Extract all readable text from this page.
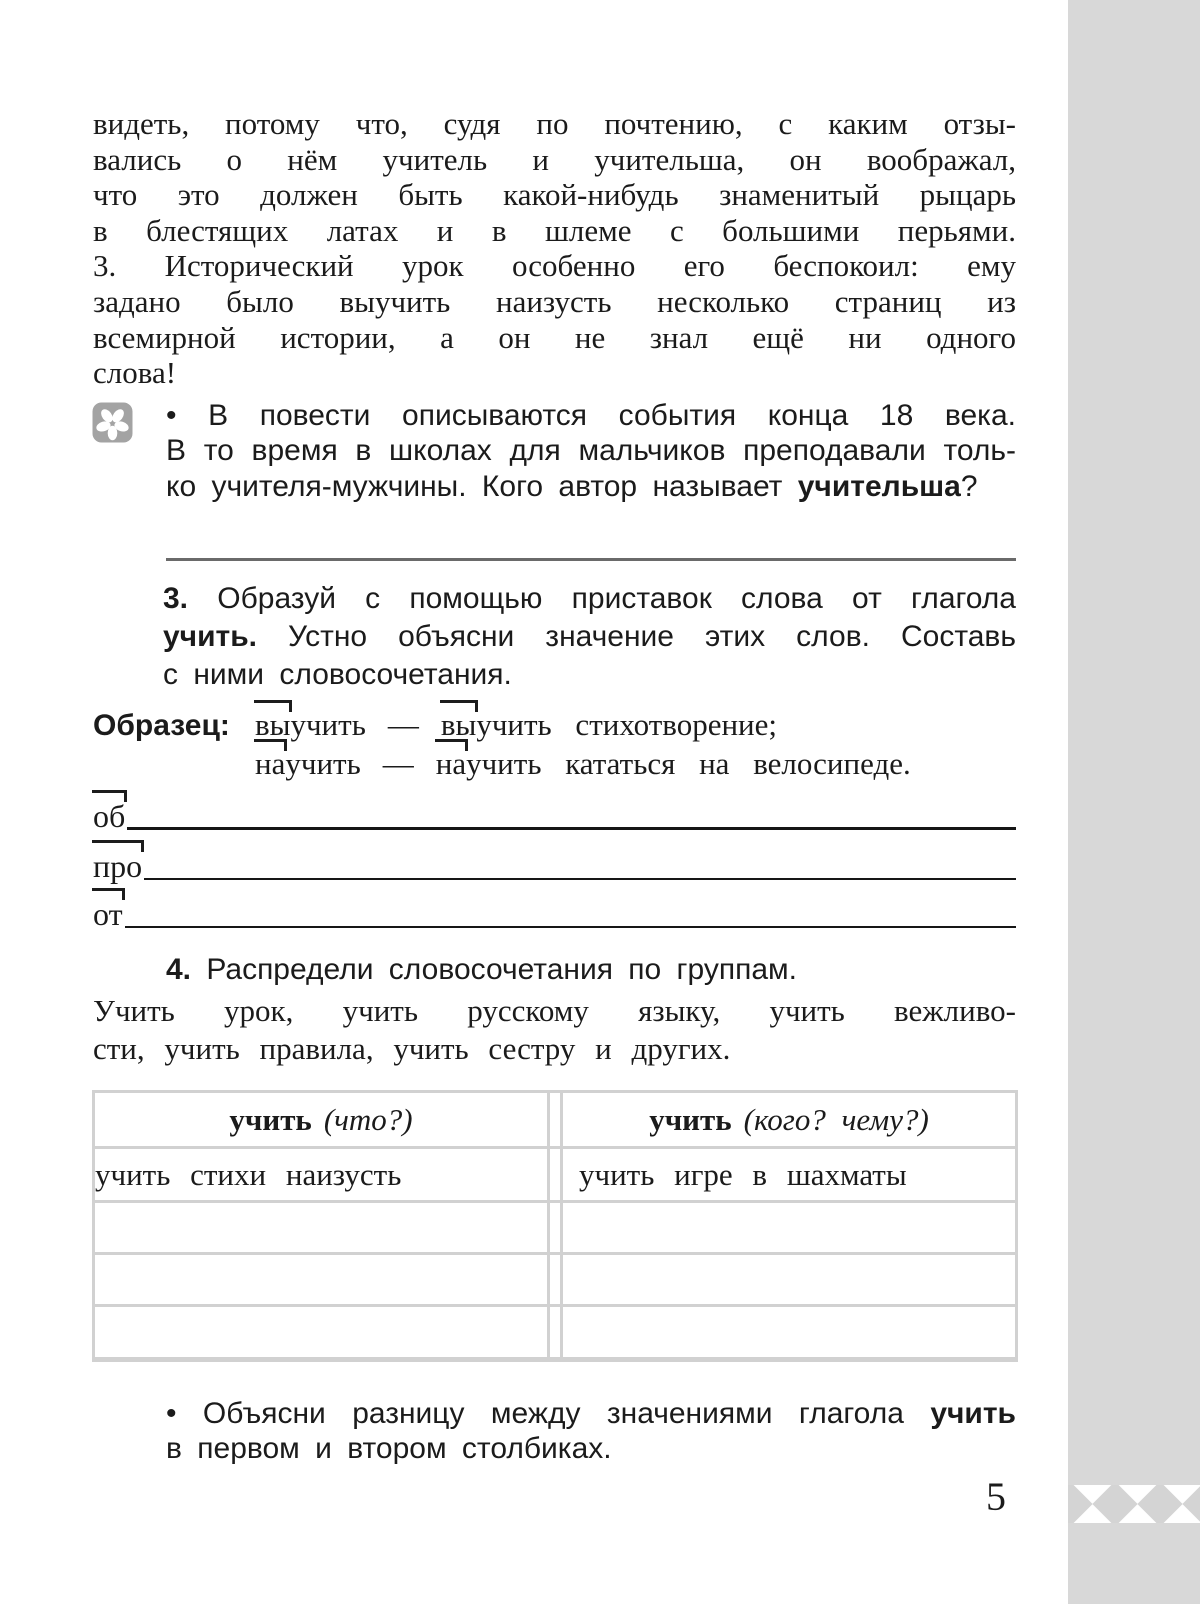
видеть, потому что, судя по почтению, с каким отзы-
вались о нём учитель и учительша, он воображал,
что это должен быть какой-нибудь знаменитый рыцарь
в блестящих латах и в шлеме с большими перьями.
3. Исторический урок особенно его беспокоил: ему
задано было выучить наизусть несколько страниц из
всемирной истории, а он не знал ещё ни одного
слова!
• В повести описываются события конца 18 века.
В то время в школах для мальчиков преподавали толь-
ко учителя-мужчины. Кого автор называет учительша?
3. Образуй с помощью приставок слова от глагола
учить. Устно объясни значение этих слов. Составь
с ними словосочетания.
Образец: выучить — выучить стихотворение;
научить — научить кататься на велосипеде.
об
про
от
4. Распредели словосочетания по группам.
Учить урок, учить русскому языку, учить вежливо-
сти, учить правила, учить сестру и других.
учить (что?)		учить (кого? чему?)
учить стихи наизусть		учить игре в шахматы

• Объясни разницу между значениями глагола учить
в первом и втором столбиках.
5
